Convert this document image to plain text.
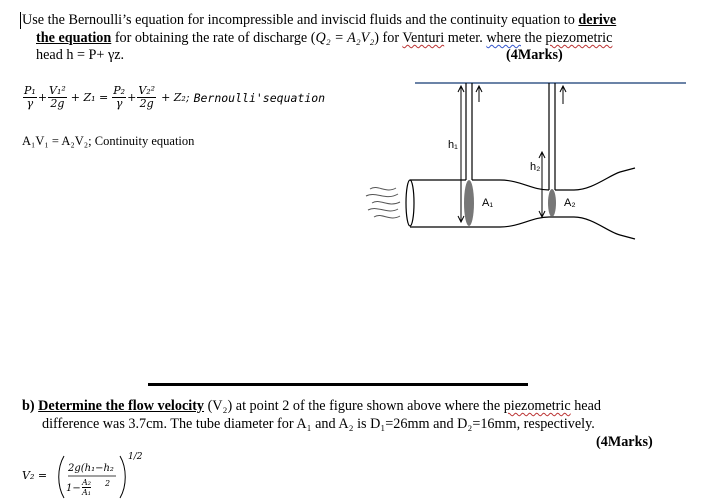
Use the Bernoulli’s equation for incompressible and inviscid fluids and the continuity equation to derive
the equation for obtaining the rate of discharge (Q₂ = A₂V₂) for Venturi meter. where the piezometric
head h = P+ γz.	(4Marks)
$\frac{\text{P₁}}{\gamma} + \frac{\text{V₁²}}{2g} + Z_1 = \frac{\text{P₂}}{\gamma} + \frac{\text{V₂²}}{2g} + Z_2$; Bernoulli'sequation
A₁V₁ = A₂V₂; Continuity equation	h₁
h₂
A₁	A₂
b) Determine the flow velocity (V₂) at point 2 of the figure shown above where the piezometric head
difference was 3.7cm. The tube diameter for A₁ and A₂ is D₁=26mm and D₂=16mm, respectively.
(4Marks)
V₂ =
2g(h₁−h₂
1−
A₂
A₁
2
1/2
